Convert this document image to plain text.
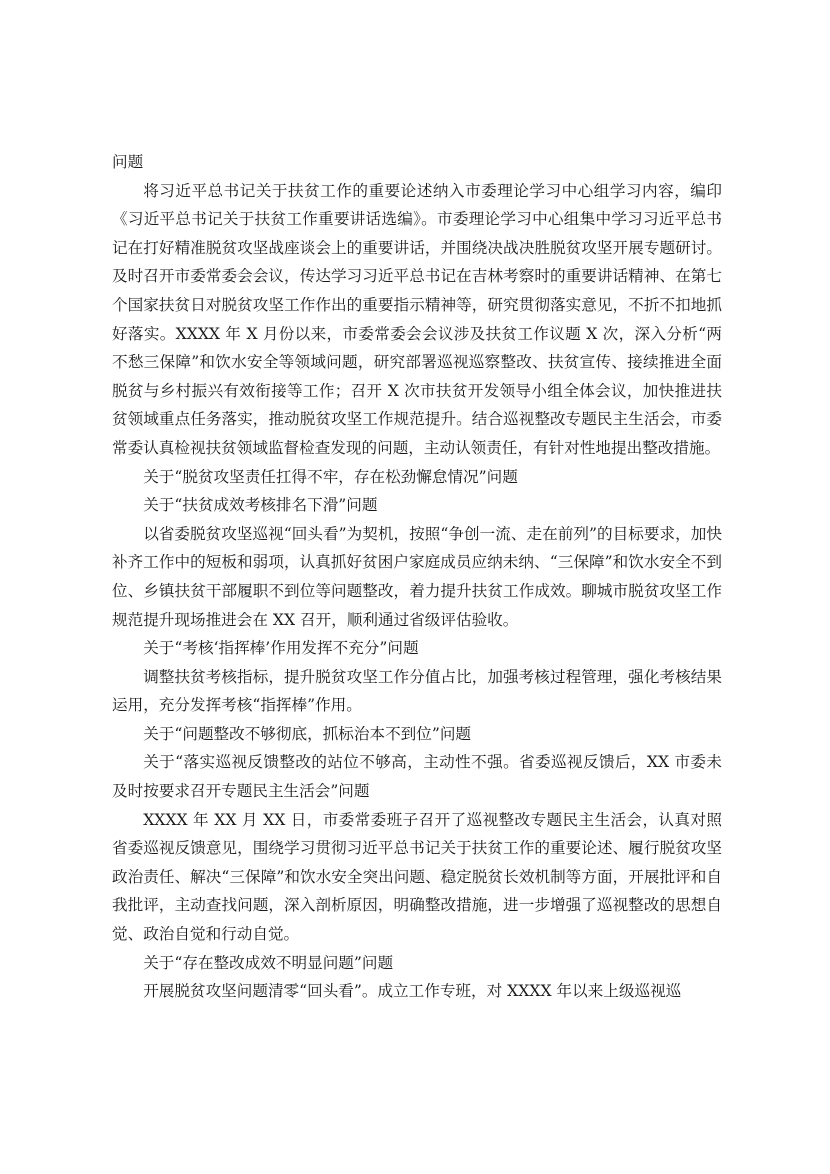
问题

将习近平总书记关于扶贫工作的重要论述纳入市委理论学习中心组学习内容，编印《习近平总书记关于扶贫工作重要讲话选编》。市委理论学习中心组集中学习习近平总书记在打好精准脱贫攻坚战座谈会上的重要讲话，并围绕决战决胜脱贫攻坚开展专题研讨。及时召开市委常委会会议，传达学习习近平总书记在吉林考察时的重要讲话精神、在第七个国家扶贫日对脱贫攻坚工作作出的重要指示精神等，研究贯彻落实意见，不折不扣地抓好落实。XXXX 年 X 月份以来，市委常委会会议涉及扶贫工作议题 X 次，深入分析“两不愁三保障”和饮水安全等领域问题，研究部署巡视巡察整改、扶贫宣传、接续推进全面脱贫与乡村振兴有效衔接等工作；召开 X 次市扶贫开发领导小组全体会议，加快推进扶贫领域重点任务落实，推动脱贫攻坚工作规范提升。结合巡视整改专题民主生活会，市委常委认真检视扶贫领域监督检查发现的问题，主动认领责任，有针对性地提出整改措施。

关于“脱贫攻坚责任扛得不牢，存在松劲懈怠情况”问题

关于“扶贫成效考核排名下滑”问题

以省委脱贫攻坚巡视“回头看”为契机，按照“争创一流、走在前列”的目标要求，加快补齐工作中的短板和弱项，认真抓好贫困户家庭成员应纳未纳、“三保障”和饮水安全不到位、乡镇扶贫干部履职不到位等问题整改，着力提升扶贫工作成效。聊城市脱贫攻坚工作规范提升现场推进会在 XX 召开，顺利通过省级评估验收。

关于“考核‘指挥棒’作用发挥不充分”问题

调整扶贫考核指标，提升脱贫攻坚工作分值占比，加强考核过程管理，强化考核结果运用，充分发挥考核“指挥棒”作用。

关于“问题整改不够彻底，抓标治本不到位”问题

关于“落实巡视反馈整改的站位不够高，主动性不强。省委巡视反馈后，XX 市委未及时按要求召开专题民主生活会”问题

XXXX 年 XX 月 XX 日，市委常委班子召开了巡视整改专题民主生活会，认真对照省委巡视反馈意见，围绕学习贯彻习近平总书记关于扶贫工作的重要论述、履行脱贫攻坚政治责任、解决“三保障”和饮水安全突出问题、稳定脱贫长效机制等方面，开展批评和自我批评，主动查找问题，深入剖析原因，明确整改措施，进一步增强了巡视整改的思想自觉、政治自觉和行动自觉。

关于“存在整改成效不明显问题”问题

开展脱贫攻坚问题清零“回头看”。成立工作专班，对 XXXX 年以来上级巡视巡
